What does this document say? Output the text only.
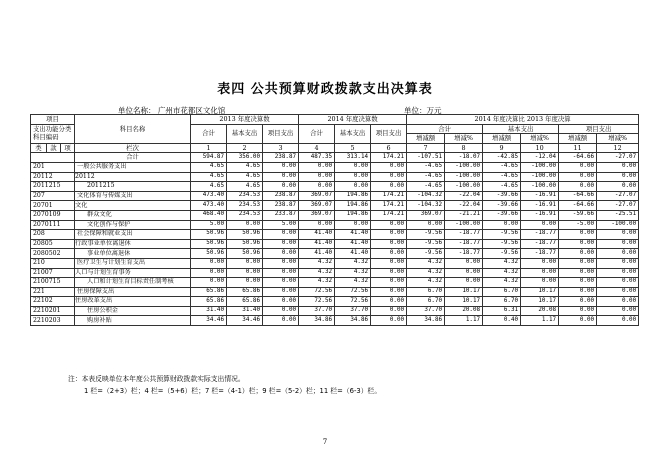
表四 公共预算财政拨款支出决算表
单位名称： 广州市花都区文化馆	单位：万元
项目			科目名称	2013 年度决算数			2014 年度决算数			2014 年度决算比 2013 年度决算					
支出功能分类科目编码				合计	基本支出	项目支出	合计	基本支出	项目支出	合计		基本支出		项目支出	
										增减额	增减%	增减额	增减%	增减额	增减%
类	款	项	栏次	1	2	3	4	5	6	7	8	9	10	11	12
			合计	594.87	356.00	238.87	487.35	313.14	174.21	-107.51	-18.07	-42.85	-12.04	-64.66	-27.07
201			一般公共服务支出	4.65	4.65	0.00	0.00	0.00	0.00	-4.65	-100.00	-4.65	-100.00	0.00	0.00
20112			20112	4.65	4.65	0.00	0.00	0.00	0.00	-4.65	-100.00	-4.65	-100.00	0.00	0.00
2011215			2011215	4.65	4.65	0.00	0.00	0.00	0.00	-4.65	-100.00	-4.65	-100.00	0.00	0.00
207			文化体育与传媒支出	473.40	234.53	238.87	369.07	194.86	174.21	-104.32	-22.04	-39.66	-16.91	-64.66	-27.07
20701			文化	473.40	234.53	238.87	369.07	194.86	174.21	-104.32	-22.04	-39.66	-16.91	-64.66	-27.07
2070109			群众文化	468.40	234.53	233.87	369.07	194.86	174.21	369.07	-21.21	-39.66	-16.91	-59.66	-25.51
2070111			文化创作与保护	5.00	0.00	5.00	0.00	0.00	0.00	0.00	-100.00	0.00	0.00	-5.00	-100.00
208			社会保障和就业支出	50.96	50.96	0.00	41.40	41.40	0.00	-9.56	-18.77	-9.56	-18.77	0.00	0.00
20805			行政事业单位离退休	50.96	50.96	0.00	41.40	41.40	0.00	-9.56	-18.77	-9.56	-18.77	0.00	0.00
2080502			事业单位离退休	50.96	50.96	0.00	41.40	41.40	0.00	-9.56	-18.77	-9.56	-18.77	0.00	0.00
210			医疗卫生与计划生育支出	0.00	0.00	0.00	4.32	4.32	0.00	4.32	0.00	4.32	0.00	0.00	0.00
21007			人口与计划生育事务	0.00	0.00	0.00	4.32	4.32	0.00	4.32	0.00	4.32	0.00	0.00	0.00
2100715			人口和计划生育目标责任制考核	0.00	0.00	0.00	4.32	4.32	0.00	4.32	0.00	4.32	0.00	0.00	0.00
221			住房保障支出	65.86	65.86	0.00	72.56	72.56	0.00	6.70	10.17	6.70	10.17	0.00	0.00
22102			住房改革支出	65.86	65.86	0.00	72.56	72.56	0.00	6.70	10.17	6.70	10.17	0.00	0.00
2210201			住房公积金	31.40	31.40	0.00	37.70	37.70	0.00	37.70	20.08	6.31	20.08	0.00	0.00
2210203			购房补贴	34.46	34.46	0.00	34.86	34.86	0.00	34.86	1.17	0.40	1.17	0.00	0.00
注：本表反映单位本年度公共预算财政拨款实际支出情况。
1 栏=（2+3）栏；4 栏=（5+6）栏；7 栏=（4-1）栏；9 栏=（5-2）栏；11 栏=（6-3）栏。
7
